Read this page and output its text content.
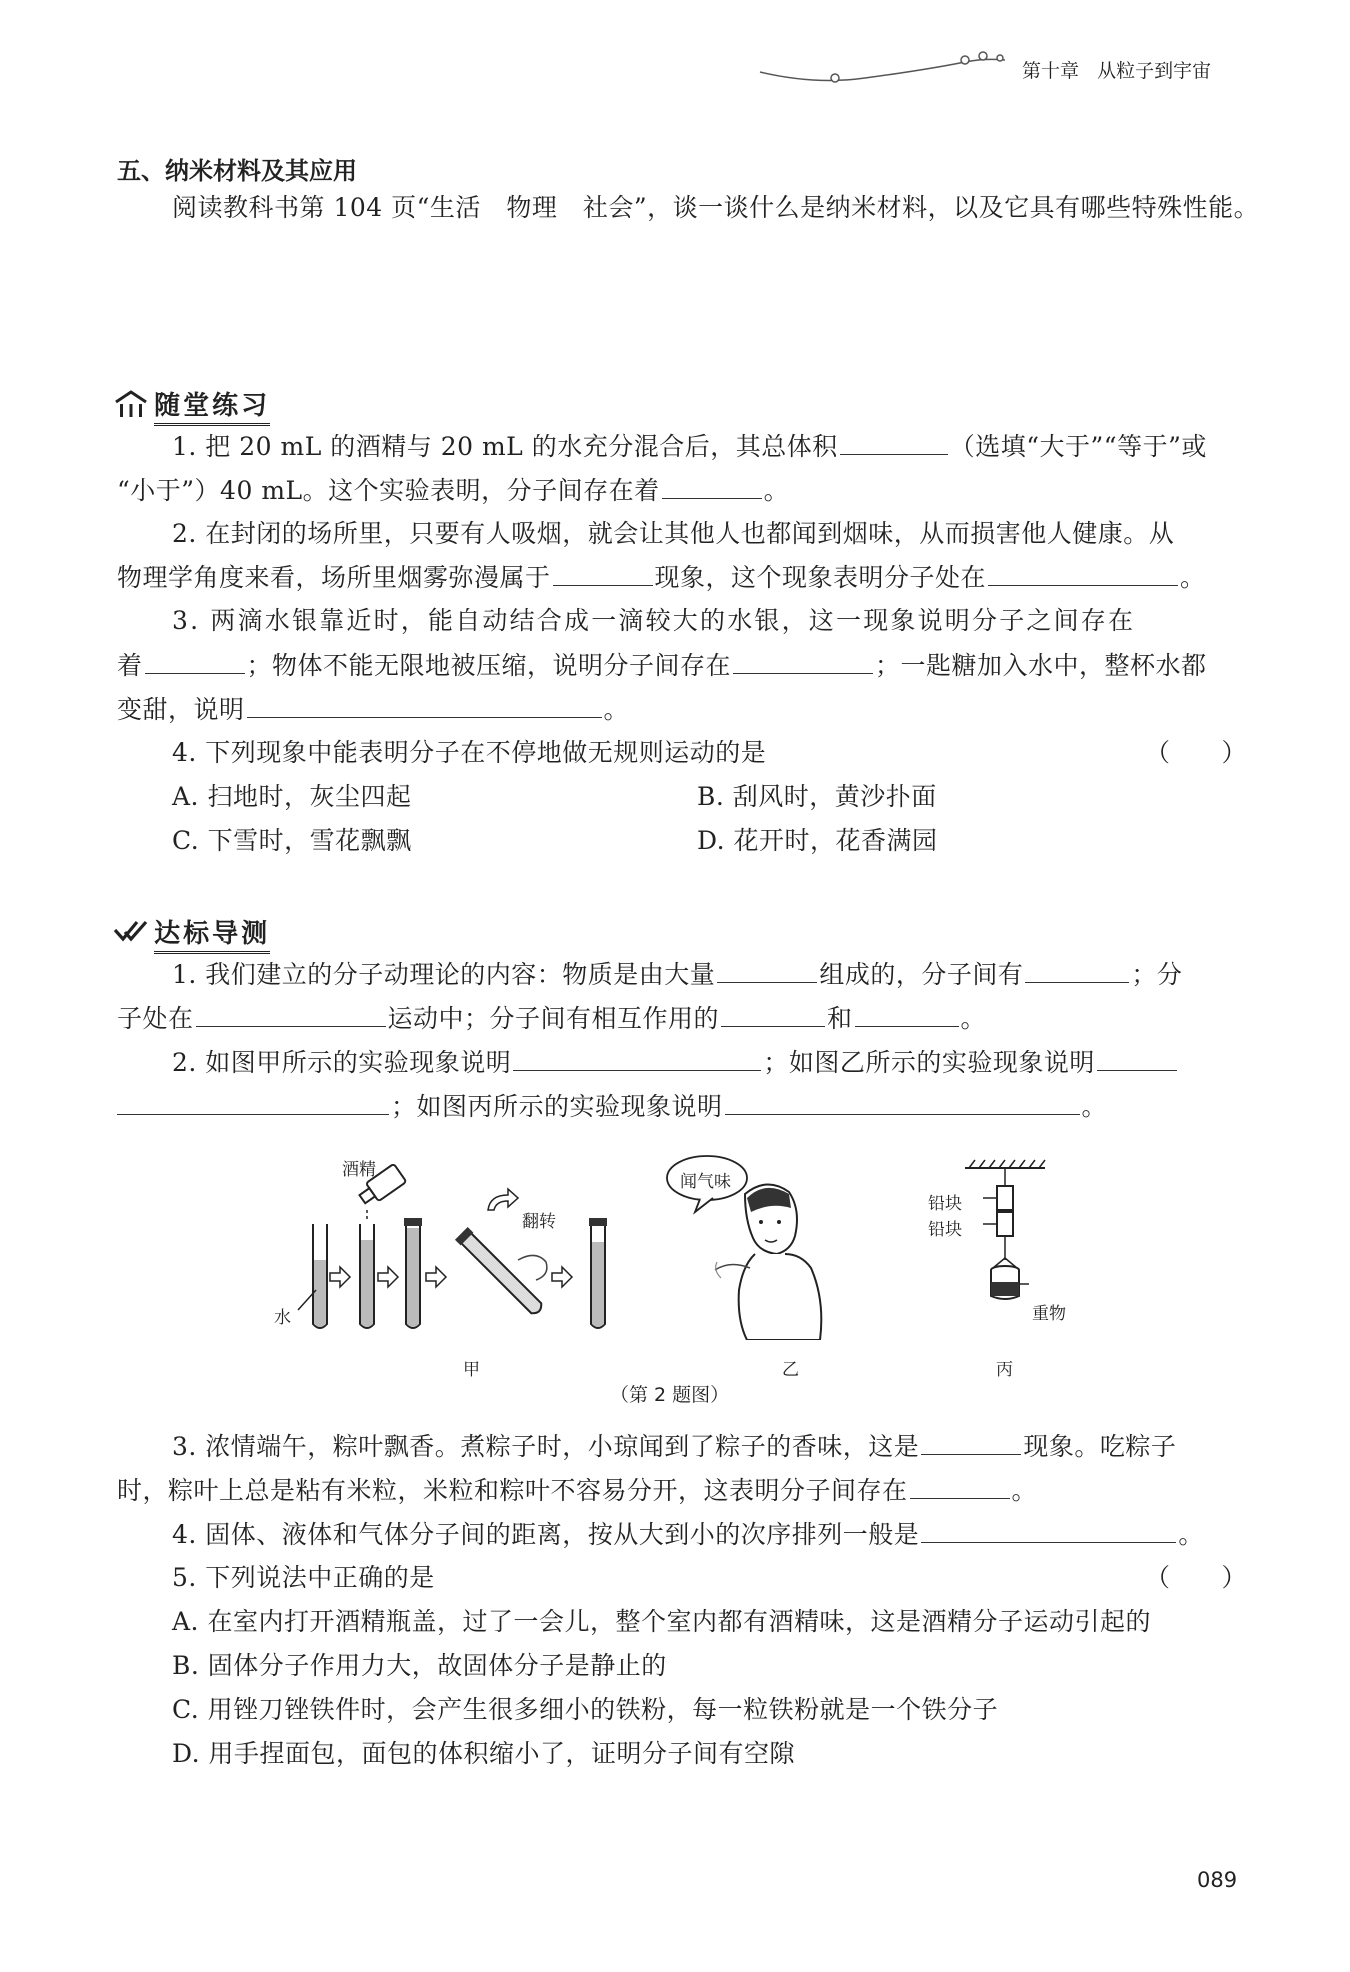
第十章 从粒子到宇宙
五、纳米材料及其应用
阅读教科书第 104 页“生活　物理　社会”，谈一谈什么是纳米材料，以及它具有哪些特殊性能。
随堂练习
1. 把 20 mL 的酒精与 20 mL 的水充分混合后，其总体积	（选填“大于”“等于”或
“小于”）40 mL。这个实验表明，分子间存在着	。
2. 在封闭的场所里，只要有人吸烟，就会让其他人也都闻到烟味，从而损害他人健康。从
物理学角度来看，场所里烟雾弥漫属于	现象，这个现象表明分子处在	。
3. 两滴水银靠近时，能自动结合成一滴较大的水银，这一现象说明分子之间存在
着	；物体不能无限地被压缩，说明分子间存在	；一匙糖加入水中，整杯水都
变甜，说明	。
4. 下列现象中能表明分子在不停地做无规则运动的是	（　　）
A. 扫地时，灰尘四起	B. 刮风时，黄沙扑面
C. 下雪时，雪花飘飘	D. 花开时，花香满园
达标导测
1. 我们建立的分子动理论的内容：物质是由大量	组成的，分子间有	；分
子处在	运动中；分子间有相互作用的	和	。
2. 如图甲所示的实验现象说明	；如图乙所示的实验现象说明
；如图丙所示的实验现象说明	。
酒精
翻转
水
甲
闻气味
乙
铅块
铅块
重物
丙
（第 2 题图）
3. 浓情端午，粽叶飘香。煮粽子时，小琼闻到了粽子的香味，这是	现象。吃粽子
时，粽叶上总是粘有米粒，米粒和粽叶不容易分开，这表明分子间存在	。
4. 固体、液体和气体分子间的距离，按从大到小的次序排列一般是	。
5. 下列说法中正确的是	（　　）
A. 在室内打开酒精瓶盖，过了一会儿，整个室内都有酒精味，这是酒精分子运动引起的
B. 固体分子作用力大，故固体分子是静止的
C. 用锉刀锉铁件时，会产生很多细小的铁粉，每一粒铁粉就是一个铁分子
D. 用手捏面包，面包的体积缩小了，证明分子间有空隙
089
